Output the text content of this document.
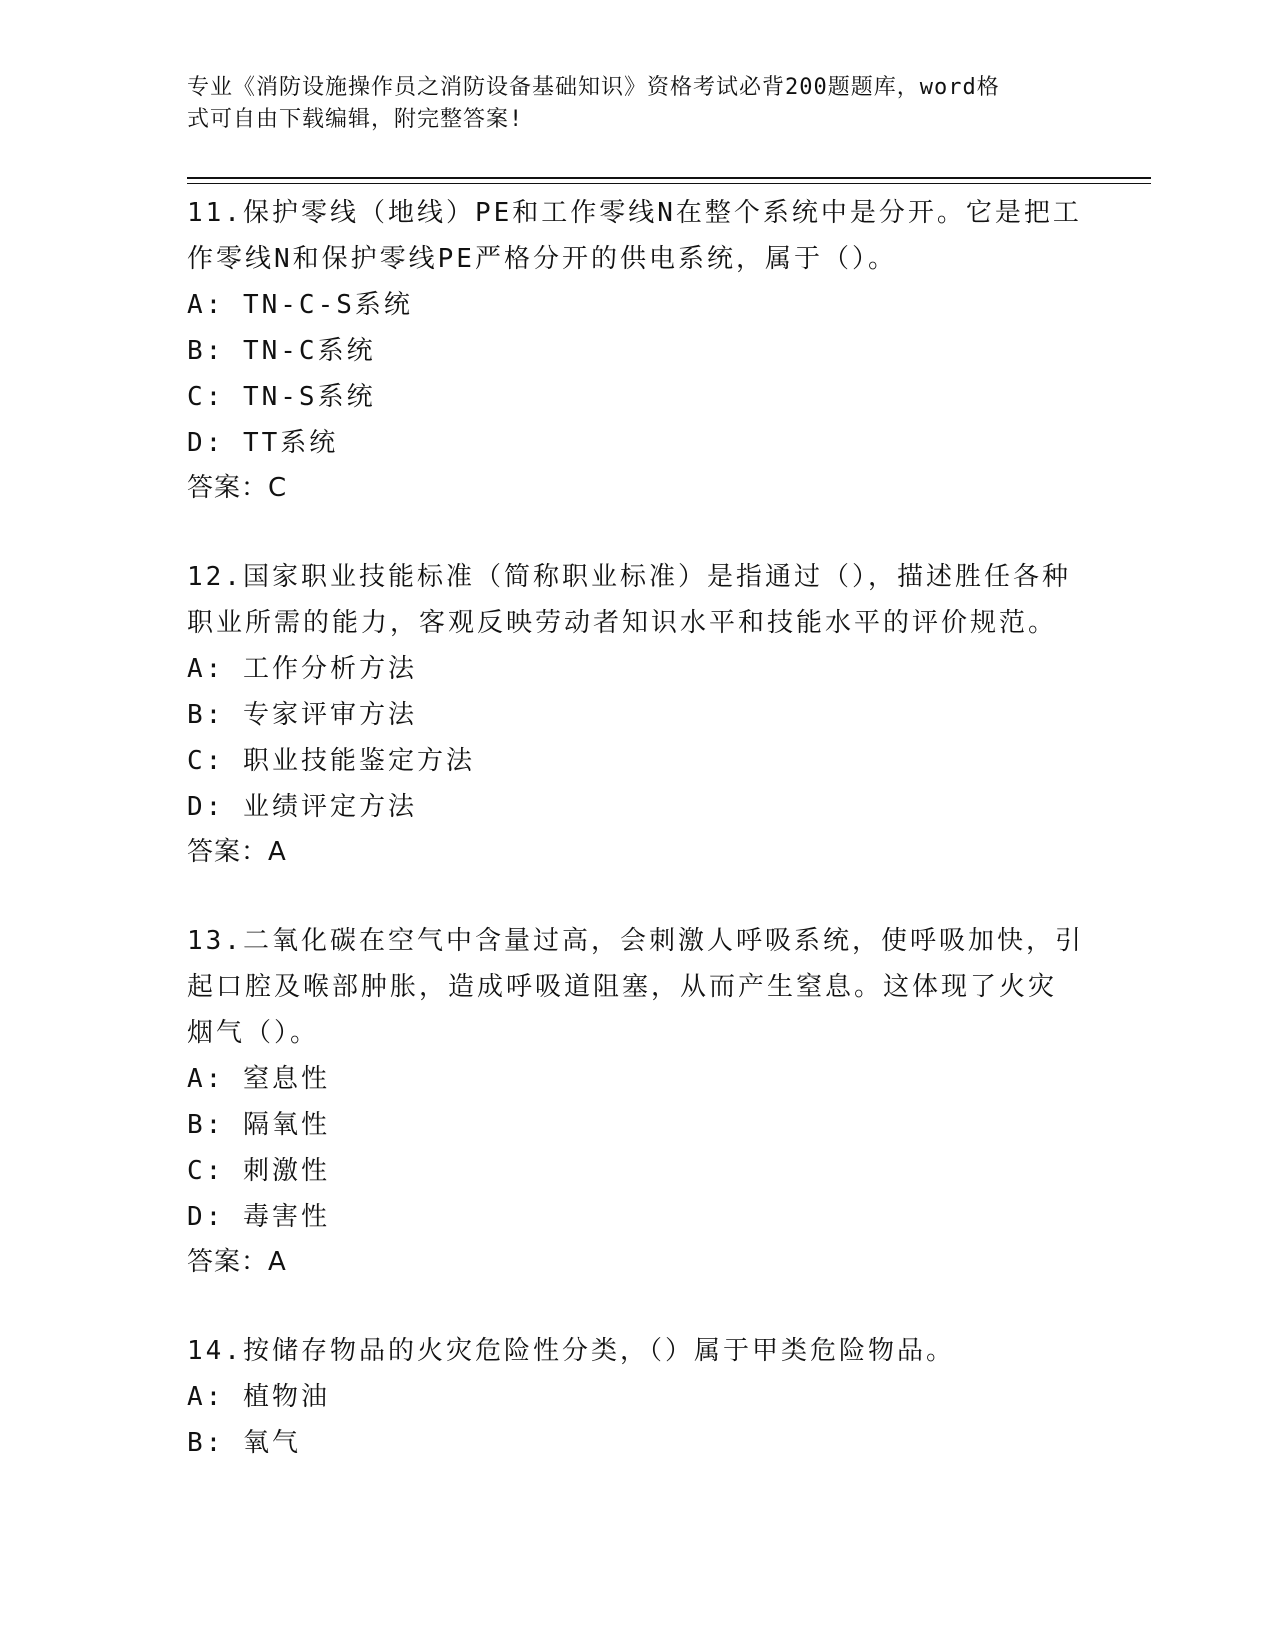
专业《消防设施操作员之消防设备基础知识》资格考试必背200题题库，word格
式可自由下载编辑，附完整答案!
11.保护零线（地线）PE和工作零线N在整个系统中是分开。它是把工
作零线N和保护零线PE严格分开的供电系统，属于（）。
A: TN-C-S系统
B: TN-C系统
C: TN-S系统
D: TT系统
答案：C
12.国家职业技能标准（简称职业标准）是指通过（），描述胜任各种
职业所需的能力，客观反映劳动者知识水平和技能水平的评价规范。
A: 工作分析方法
B: 专家评审方法
C: 职业技能鉴定方法
D: 业绩评定方法
答案：A
13.二氧化碳在空气中含量过高，会刺激人呼吸系统，使呼吸加快，引
起口腔及喉部肿胀，造成呼吸道阻塞，从而产生窒息。这体现了火灾
烟气（）。
A: 窒息性
B: 隔氧性
C: 刺激性
D: 毒害性
答案：A
14.按储存物品的火灾危险性分类，（）属于甲类危险物品。
A: 植物油
B: 氧气
